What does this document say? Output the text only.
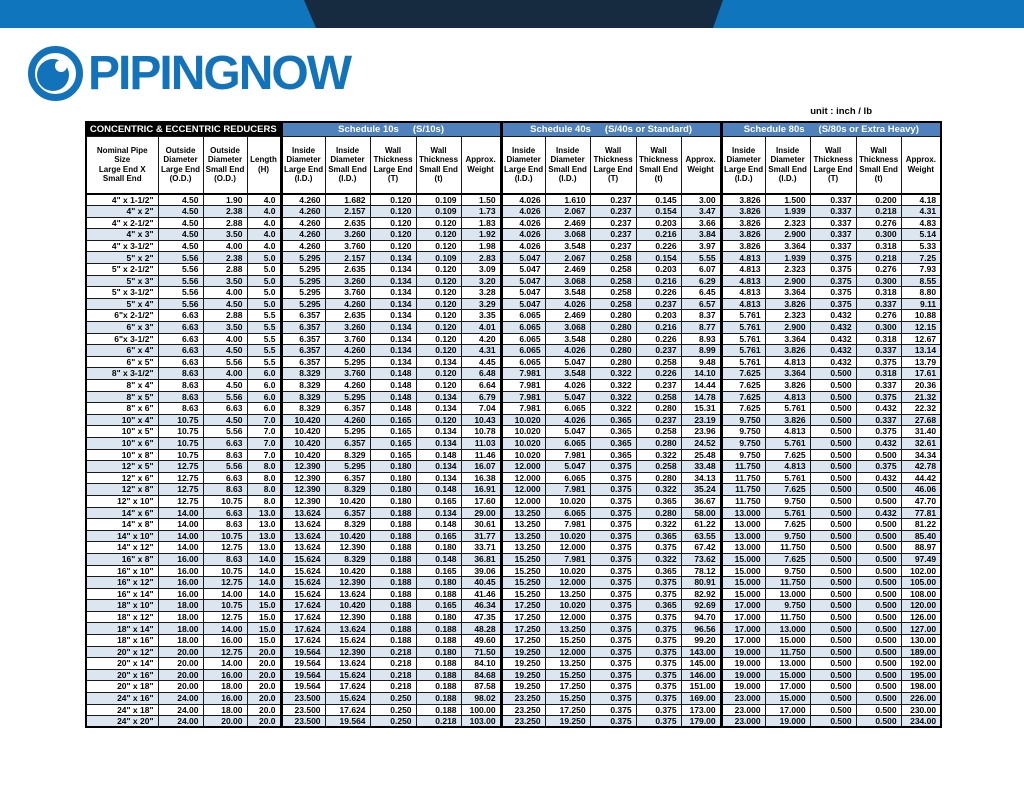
PIPINGNOW
unit : inch / lb
CONCENTRIC & ECCENTRIC REDUCERS				Schedule 10s (S/10s)					Schedule 40s (S/40s or Standard)					Schedule 80s (S/80s or Extra Heavy)				
Nominal Pipe
Size
Large End X
Small End	Outside
Diameter
Large End
(O.D.)	Outside
Diameter
Small End
(O.D.)	Length
(H)	Inside
Diameter
Large End
(I.D.)	Inside
Diameter
Small End
(I.D.)	Wall
Thickness
Large End
(T)	Wall
Thickness
Small End
(t)	Approx.
Weight	Inside
Diameter
Large End
(I.D.)	Inside
Diameter
Small End
(I.D.)	Wall
Thickness
Large End
(T)	Wall
Thickness
Small End
(t)	Approx.
Weight	Inside
Diameter
Large End
(I.D.)	Inside
Diameter
Small End
(I.D.)	Wall
Thickness
Large End
(T)	Wall
Thickness
Small End
(t)	Approx.
Weight
4" x 1-1/2"	4.50	1.90	4.0	4.260	1.682	0.120	0.109	1.50	4.026	1.610	0.237	0.145	3.00	3.826	1.500	0.337	0.200	4.18
4" x 2"	4.50	2.38	4.0	4.260	2.157	0.120	0.109	1.73	4.026	2.067	0.237	0.154	3.47	3.826	1.939	0.337	0.218	4.31
4" x 2-1/2"	4.50	2.88	4.0	4.260	2.635	0.120	0.120	1.83	4.026	2.469	0.237	0.203	3.66	3.826	2.323	0.337	0.276	4.83
4" x 3"	4.50	3.50	4.0	4.260	3.260	0.120	0.120	1.92	4.026	3.068	0.237	0.216	3.84	3.826	2.900	0.337	0.300	5.14
4" x 3-1/2"	4.50	4.00	4.0	4.260	3.760	0.120	0.120	1.98	4.026	3.548	0.237	0.226	3.97	3.826	3.364	0.337	0.318	5.33
5" x 2"	5.56	2.38	5.0	5.295	2.157	0.134	0.109	2.83	5.047	2.067	0.258	0.154	5.55	4.813	1.939	0.375	0.218	7.25
5" x 2-1/2"	5.56	2.88	5.0	5.295	2.635	0.134	0.120	3.09	5.047	2.469	0.258	0.203	6.07	4.813	2.323	0.375	0.276	7.93
5" x 3"	5.56	3.50	5.0	5.295	3.260	0.134	0.120	3.20	5.047	3.068	0.258	0.216	6.29	4.813	2.900	0.375	0.300	8.55
5" x 3-1/2"	5.56	4.00	5.0	5.295	3.760	0.134	0.120	3.28	5.047	3.548	0.258	0.226	6.45	4.813	3.364	0.375	0.318	8.80
5" x 4"	5.56	4.50	5.0	5.295	4.260	0.134	0.120	3.29	5.047	4.026	0.258	0.237	6.57	4.813	3.826	0.375	0.337	9.11
6"x 2-1/2"	6.63	2.88	5.5	6.357	2.635	0.134	0.120	3.35	6.065	2.469	0.280	0.203	8.37	5.761	2.323	0.432	0.276	10.88
6" x 3"	6.63	3.50	5.5	6.357	3.260	0.134	0.120	4.01	6.065	3.068	0.280	0.216	8.77	5.761	2.900	0.432	0.300	12.15
6"x 3-1/2"	6.63	4.00	5.5	6.357	3.760	0.134	0.120	4.20	6.065	3.548	0.280	0.226	8.93	5.761	3.364	0.432	0.318	12.67
6" x 4"	6.63	4.50	5.5	6.357	4.260	0.134	0.120	4.31	6.065	4.026	0.280	0.237	8.99	5.761	3.826	0.432	0.337	13.14
6" x 5"	6.63	5.56	5.5	6.357	5.295	0.134	0.134	4.45	6.065	5.047	0.280	0.258	9.48	5.761	4.813	0.432	0.375	13.79
8" x 3-1/2"	8.63	4.00	6.0	8.329	3.760	0.148	0.120	6.48	7.981	3.548	0.322	0.226	14.10	7.625	3.364	0.500	0.318	17.61
8" x 4"	8.63	4.50	6.0	8.329	4.260	0.148	0.120	6.64	7.981	4.026	0.322	0.237	14.44	7.625	3.826	0.500	0.337	20.36
8" x 5"	8.63	5.56	6.0	8.329	5.295	0.148	0.134	6.79	7.981	5.047	0.322	0.258	14.78	7.625	4.813	0.500	0.375	21.32
8" x 6"	8.63	6.63	6.0	8.329	6.357	0.148	0.134	7.04	7.981	6.065	0.322	0.280	15.31	7.625	5.761	0.500	0.432	22.32
10" x 4"	10.75	4.50	7.0	10.420	4.260	0.165	0.120	10.43	10.020	4.026	0.365	0.237	23.19	9.750	3.826	0.500	0.337	27.68
10" x 5"	10.75	5.56	7.0	10.420	5.295	0.165	0.134	10.78	10.020	5.047	0.365	0.258	23.96	9.750	4.813	0.500	0.375	31.40
10" x 6"	10.75	6.63	7.0	10.420	6.357	0.165	0.134	11.03	10.020	6.065	0.365	0.280	24.52	9.750	5.761	0.500	0.432	32.61
10" x 8"	10.75	8.63	7.0	10.420	8.329	0.165	0.148	11.46	10.020	7.981	0.365	0.322	25.48	9.750	7.625	0.500	0.500	34.34
12" x 5"	12.75	5.56	8.0	12.390	5.295	0.180	0.134	16.07	12.000	5.047	0.375	0.258	33.48	11.750	4.813	0.500	0.375	42.78
12" x 6"	12.75	6.63	8.0	12.390	6.357	0.180	0.134	16.38	12.000	6.065	0.375	0.280	34.13	11.750	5.761	0.500	0.432	44.42
12" x 8"	12.75	8.63	8.0	12.390	8.329	0.180	0.148	16.91	12.000	7.981	0.375	0.322	35.24	11.750	7.625	0.500	0.500	46.06
12" x 10"	12.75	10.75	8.0	12.390	10.420	0.180	0.165	17.60	12.000	10.020	0.375	0.365	36.67	11.750	9.750	0.500	0.500	47.70
14" x 6"	14.00	6.63	13.0	13.624	6.357	0.188	0.134	29.00	13.250	6.065	0.375	0.280	58.00	13.000	5.761	0.500	0.432	77.81
14" x 8"	14.00	8.63	13.0	13.624	8.329	0.188	0.148	30.61	13.250	7.981	0.375	0.322	61.22	13.000	7.625	0.500	0.500	81.22
14" x 10"	14.00	10.75	13.0	13.624	10.420	0.188	0.165	31.77	13.250	10.020	0.375	0.365	63.55	13.000	9.750	0.500	0.500	85.40
14" x 12"	14.00	12.75	13.0	13.624	12.390	0.188	0.180	33.71	13.250	12.000	0.375	0.375	67.42	13.000	11.750	0.500	0.500	88.97
16" x 8"	16.00	8.63	14.0	15.624	8.329	0.188	0.148	36.81	15.250	7.981	0.375	0.322	73.62	15.000	7.625	0.500	0.500	97.49
16" x 10"	16.00	10.75	14.0	15.624	10.420	0.188	0.165	39.06	15.250	10.020	0.375	0.365	78.12	15.000	9.750	0.500	0.500	102.00
16" x 12"	16.00	12.75	14.0	15.624	12.390	0.188	0.180	40.45	15.250	12.000	0.375	0.375	80.91	15.000	11.750	0.500	0.500	105.00
16" x 14"	16.00	14.00	14.0	15.624	13.624	0.188	0.188	41.46	15.250	13.250	0.375	0.375	82.92	15.000	13.000	0.500	0.500	108.00
18" x 10"	18.00	10.75	15.0	17.624	10.420	0.188	0.165	46.34	17.250	10.020	0.375	0.365	92.69	17.000	9.750	0.500	0.500	120.00
18" x 12"	18.00	12.75	15.0	17.624	12.390	0.188	0.180	47.35	17.250	12.000	0.375	0.375	94.70	17.000	11.750	0.500	0.500	126.00
18" x 14"	18.00	14.00	15.0	17.624	13.624	0.188	0.188	48.28	17.250	13.250	0.375	0.375	96.56	17.000	13.000	0.500	0.500	127.00
18" x 16"	18.00	16.00	15.0	17.624	15.624	0.188	0.188	49.60	17.250	15.250	0.375	0.375	99.20	17.000	15.000	0.500	0.500	130.00
20" x 12"	20.00	12.75	20.0	19.564	12.390	0.218	0.180	71.50	19.250	12.000	0.375	0.375	143.00	19.000	11.750	0.500	0.500	189.00
20" x 14"	20.00	14.00	20.0	19.564	13.624	0.218	0.188	84.10	19.250	13.250	0.375	0.375	145.00	19.000	13.000	0.500	0.500	192.00
20" x 16"	20.00	16.00	20.0	19.564	15.624	0.218	0.188	84.68	19.250	15.250	0.375	0.375	146.00	19.000	15.000	0.500	0.500	195.00
20" x 18"	20.00	18.00	20.0	19.564	17.624	0.218	0.188	87.58	19.250	17.250	0.375	0.375	151.00	19.000	17.000	0.500	0.500	198.00
24" x 16"	24.00	16.00	20.0	23.500	15.624	0.250	0.188	98.02	23.250	15.250	0.375	0.375	169.00	23.000	15.000	0.500	0.500	226.00
24" x 18"	24.00	18.00	20.0	23.500	17.624	0.250	0.188	100.00	23.250	17.250	0.375	0.375	173.00	23.000	17.000	0.500	0.500	230.00
24" x 20"	24.00	20.00	20.0	23.500	19.564	0.250	0.218	103.00	23.250	19.250	0.375	0.375	179.00	23.000	19.000	0.500	0.500	234.00
